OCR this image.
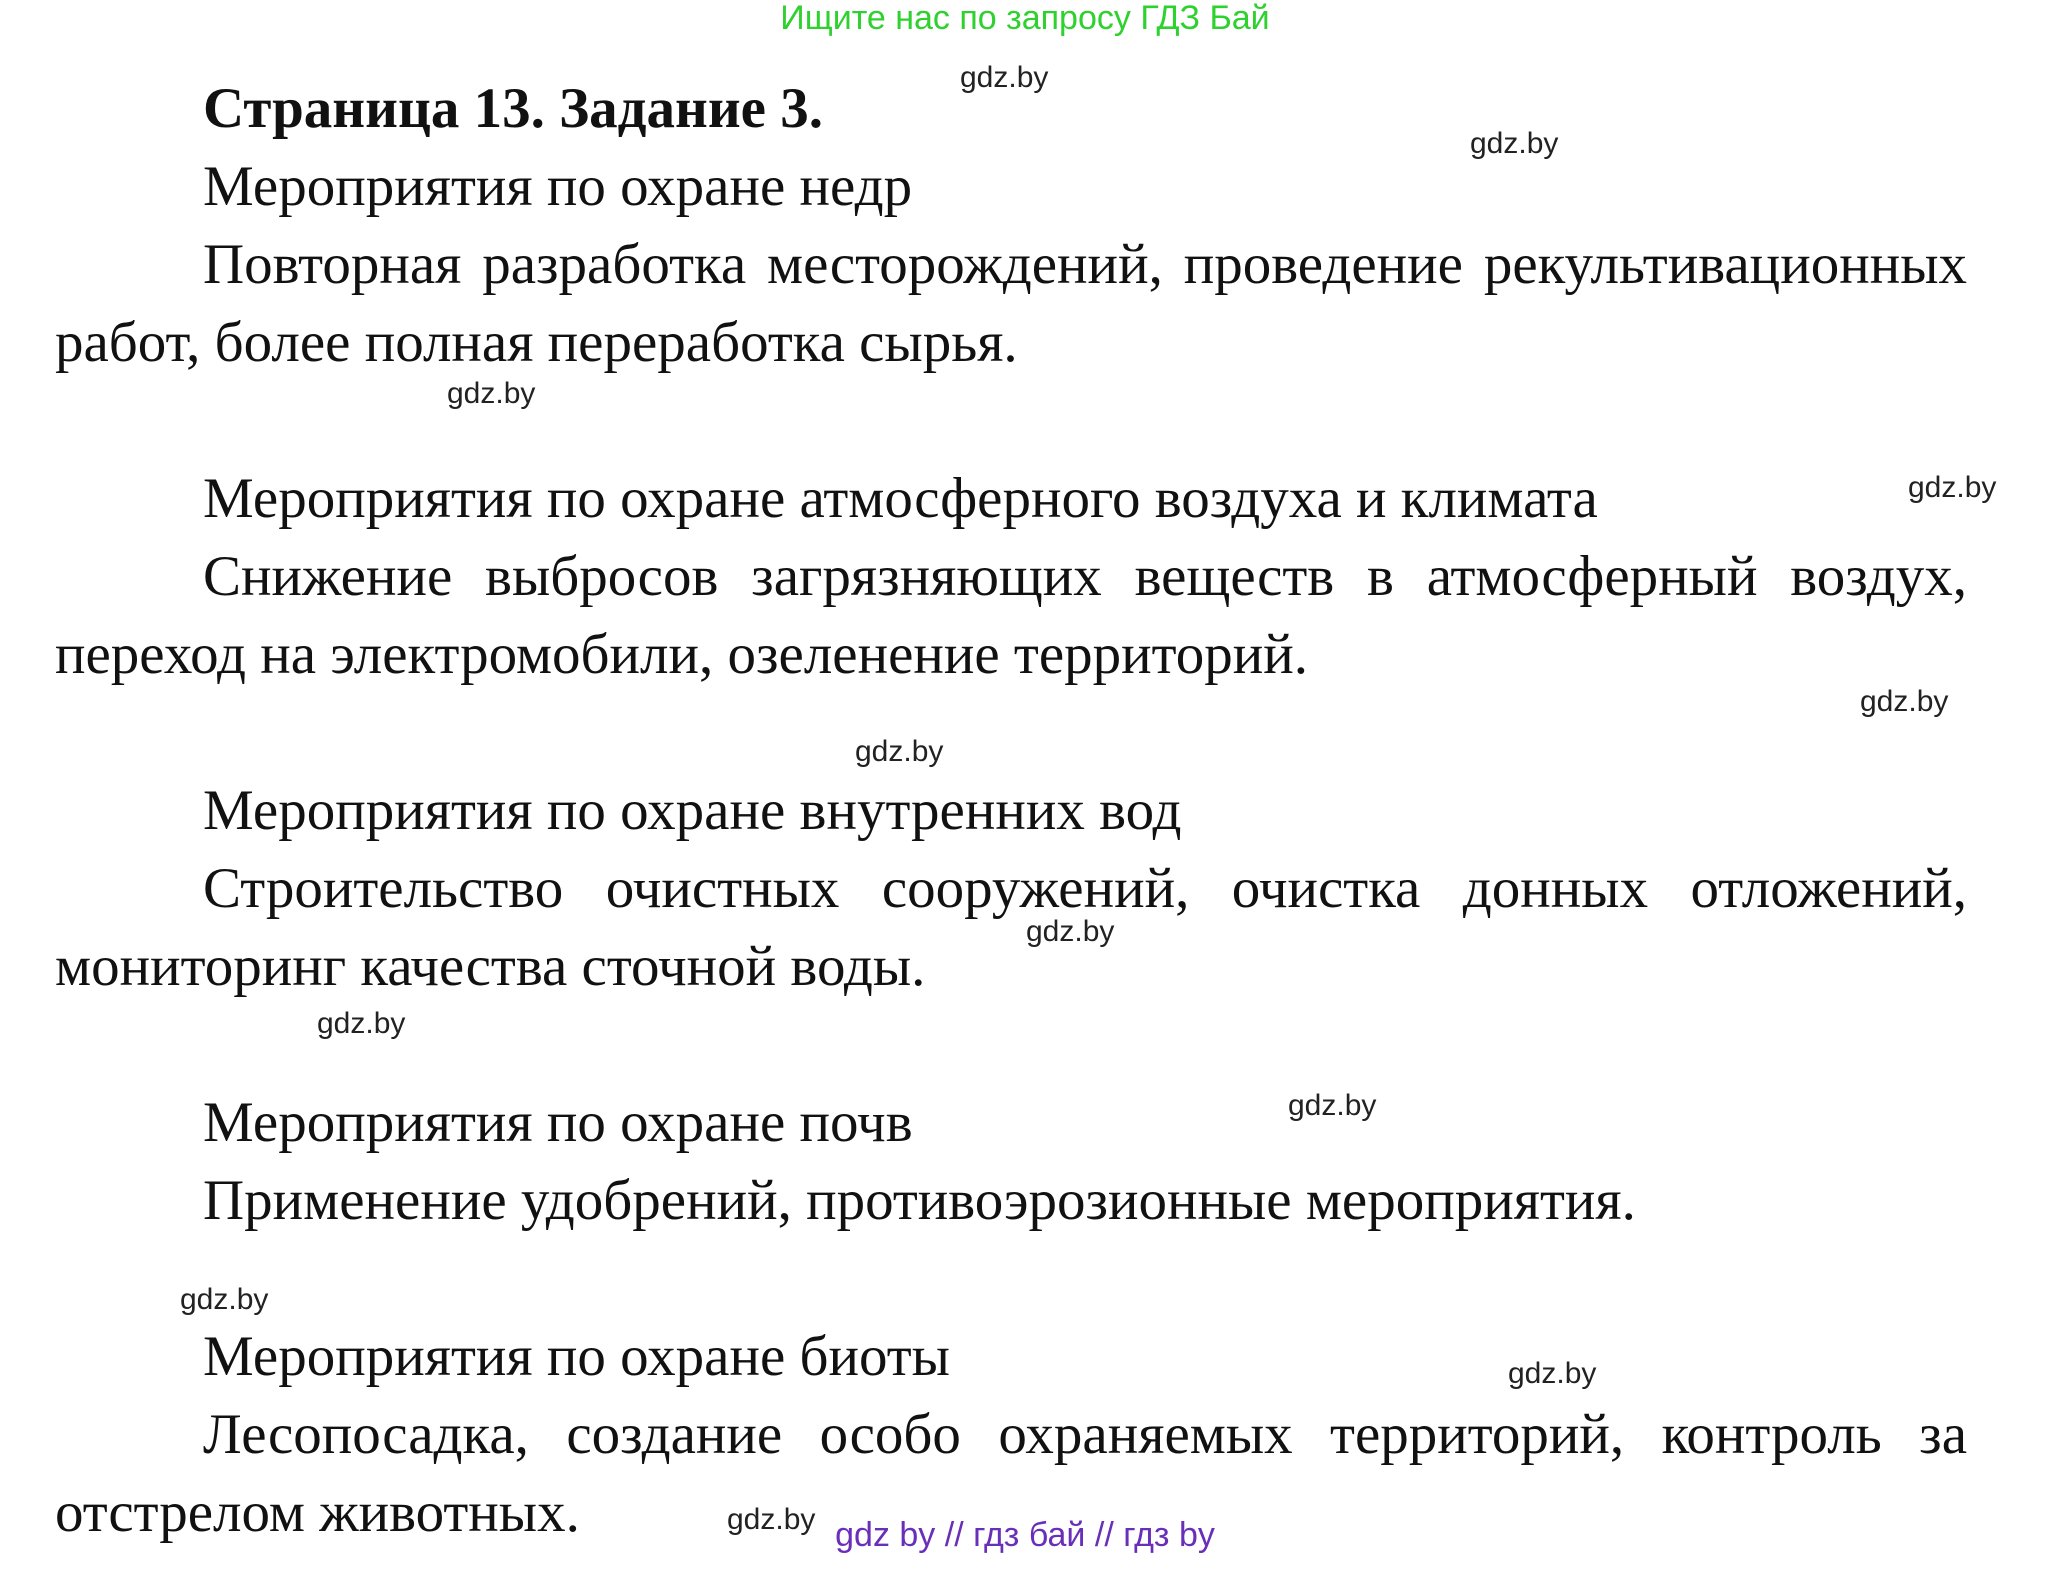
Ищите нас по запросу ГДЗ Бай

Страница 13. Задание 3.

Мероприятия по охране недр

Повторная разработка месторождений, проведение рекультивационных работ, более полная переработка сырья.

Мероприятия по охране атмосферного воздуха и климата

Снижение выбросов загрязняющих веществ в атмосферный воздух, переход на электромобили, озеленение территорий.

Мероприятия по охране внутренних вод

Строительство очистных сооружений, очистка донных отложений, мониторинг качества сточной воды.

Мероприятия по охране почв

Применение удобрений, противоэрозионные мероприятия.

Мероприятия по охране биоты

Лесопосадка, создание особо охраняемых территорий, контроль за отстрелом животных.

gdz.by
gdz.by
gdz.by
gdz.by
gdz.by
gdz.by
gdz.by
gdz.by
gdz.by
gdz.by
gdz.by
gdz.by gdz by // гдз бай // гдз by
